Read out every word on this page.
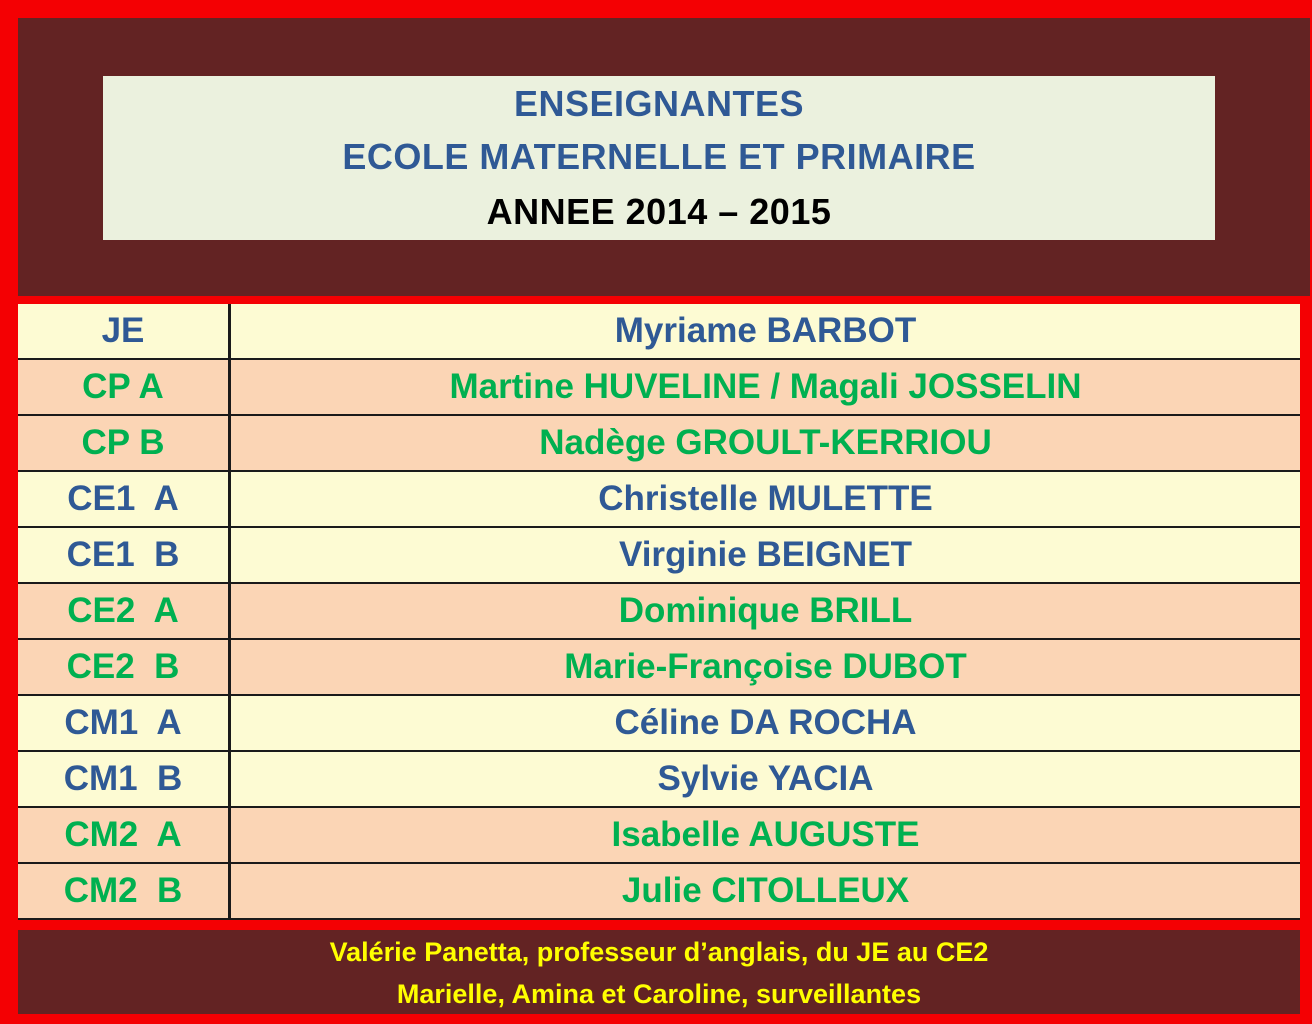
ENSEIGNANTES
ECOLE MATERNELLE ET PRIMAIRE
ANNEE 2014 – 2015
JE	Myriame BARBOT
CP A	Martine HUVELINE / Magali JOSSELIN
CP B	Nadège GROULT-KERRIOU
CE1  A	Christelle MULETTE
CE1  B	Virginie BEIGNET
CE2  A	Dominique BRILL
CE2  B	Marie-Françoise DUBOT
CM1  A	Céline DA ROCHA
CM1  B	Sylvie YACIA
CM2  A	Isabelle AUGUSTE
CM2  B	Julie CITOLLEUX
Valérie Panetta, professeur d’anglais, du JE au CE2
Marielle, Amina et Caroline, surveillantes
